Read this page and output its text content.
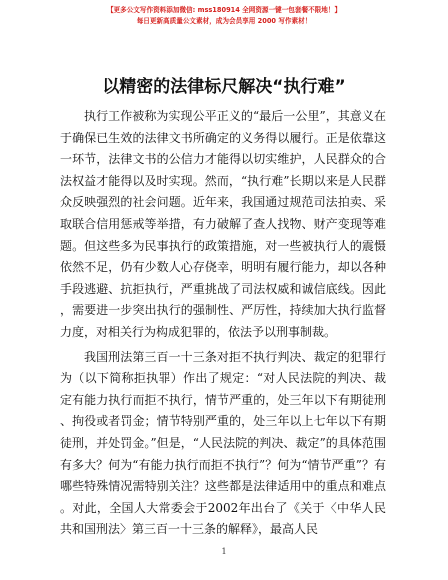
【更多公文写作资料添加微信: mss180914 全网资源一键一包套餐不限地！】
每日更新高质量公文素材，成为会员享用 2000 写作素材！
以精密的法律标尺解决“执行难”

执行工作被称为实现公平正义的“最后一公里”，其意义在于确保已生效的法律文书所确定的义务得以履行。正是依靠这一环节，法律文书的公信力才能得以切实维护，人民群众的合法权益才能得以及时实现。然而，“执行难”长期以来是人民群众反映强烈的社会问题。近年来，我国通过规范司法拍卖、采取联合信用惩戒等举措，有力破解了查人找物、财产变现等难题。但这些多为民事执行的政策措施，对一些被执行人的震慑依然不足，仍有少数人心存侥幸，明明有履行能力，却以各种手段逃避、抗拒执行，严重挑战了司法权威和诚信底线。因此，需要进一步突出执行的强制性、严厉性，持续加大执行监督力度，对相关行为构成犯罪的，依法予以刑事制裁。

我国刑法第三百一十三条对拒不执行判决、裁定的犯罪行为（以下简称拒执罪）作出了规定：“对人民法院的判决、裁定有能力执行而拒不执行，情节严重的，处三年以下有期徒刑、拘役或者罚金；情节特别严重的，处三年以上七年以下有期徒刑，并处罚金。”但是，“人民法院的判决、裁定”的具体范围有多大？何为“有能力执行而拒不执行”？何为“情节严重”？有哪些特殊情况需特别关注？这些都是法律适用中的重点和难点。对此，全国人大常委会于2002年出台了《关于〈中华人民共和国刑法〉第三百一十三条的解释》，最高人民

1
